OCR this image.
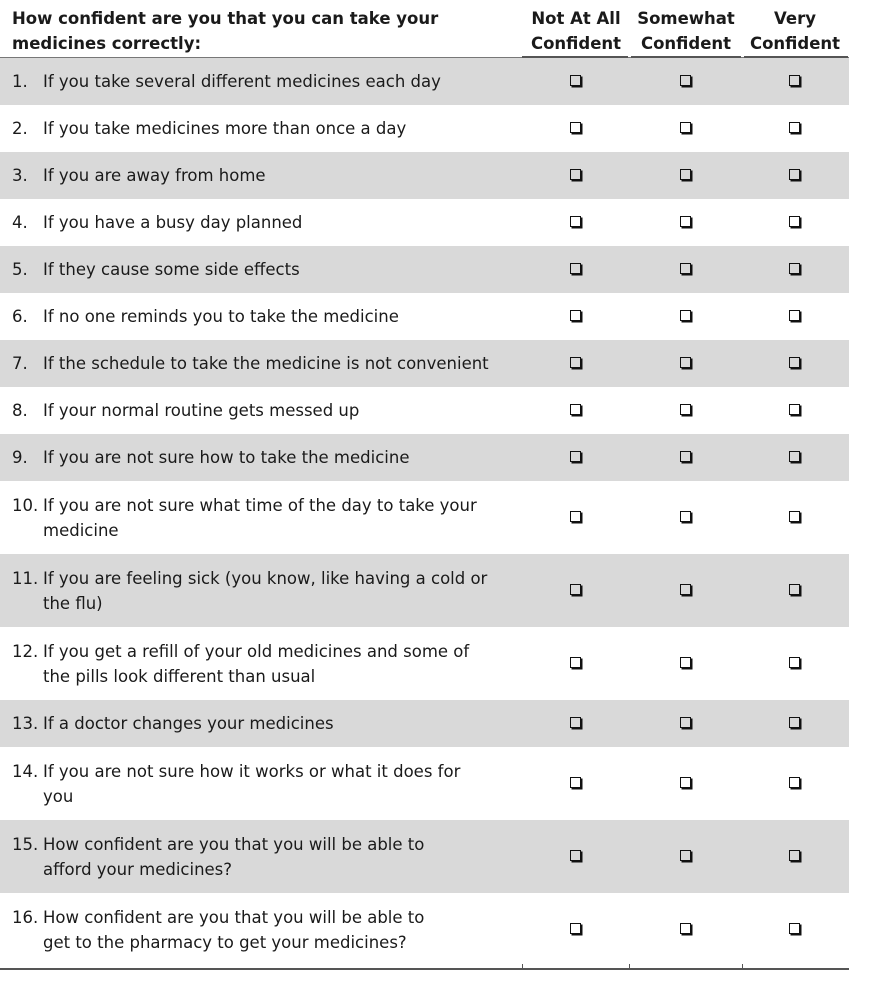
How confident are you that you can take your medicines correctly:
Not At All
Confident
Somewhat
Confident
Very
Confident
1. If you take several different medicines each day
2. If you take medicines more than once a day
3. If you are away from home
4. If you have a busy day planned
5. If they cause some side effects
6. If no one reminds you to take the medicine
7. If the schedule to take the medicine is not convenient
8. If your normal routine gets messed up
9. If you are not sure how to take the medicine
10. If you are not sure what time of the day to take your
medicine
11. If you are feeling sick (you know, like having a cold or
the flu)
12. If you get a refill of your old medicines and some of
the pills look different than usual
13. If a doctor changes your medicines
14. If you are not sure how it works or what it does for
you
15. How confident are you that you will be able to
afford your medicines?
16. How confident are you that you will be able to
get to the pharmacy to get your medicines?
